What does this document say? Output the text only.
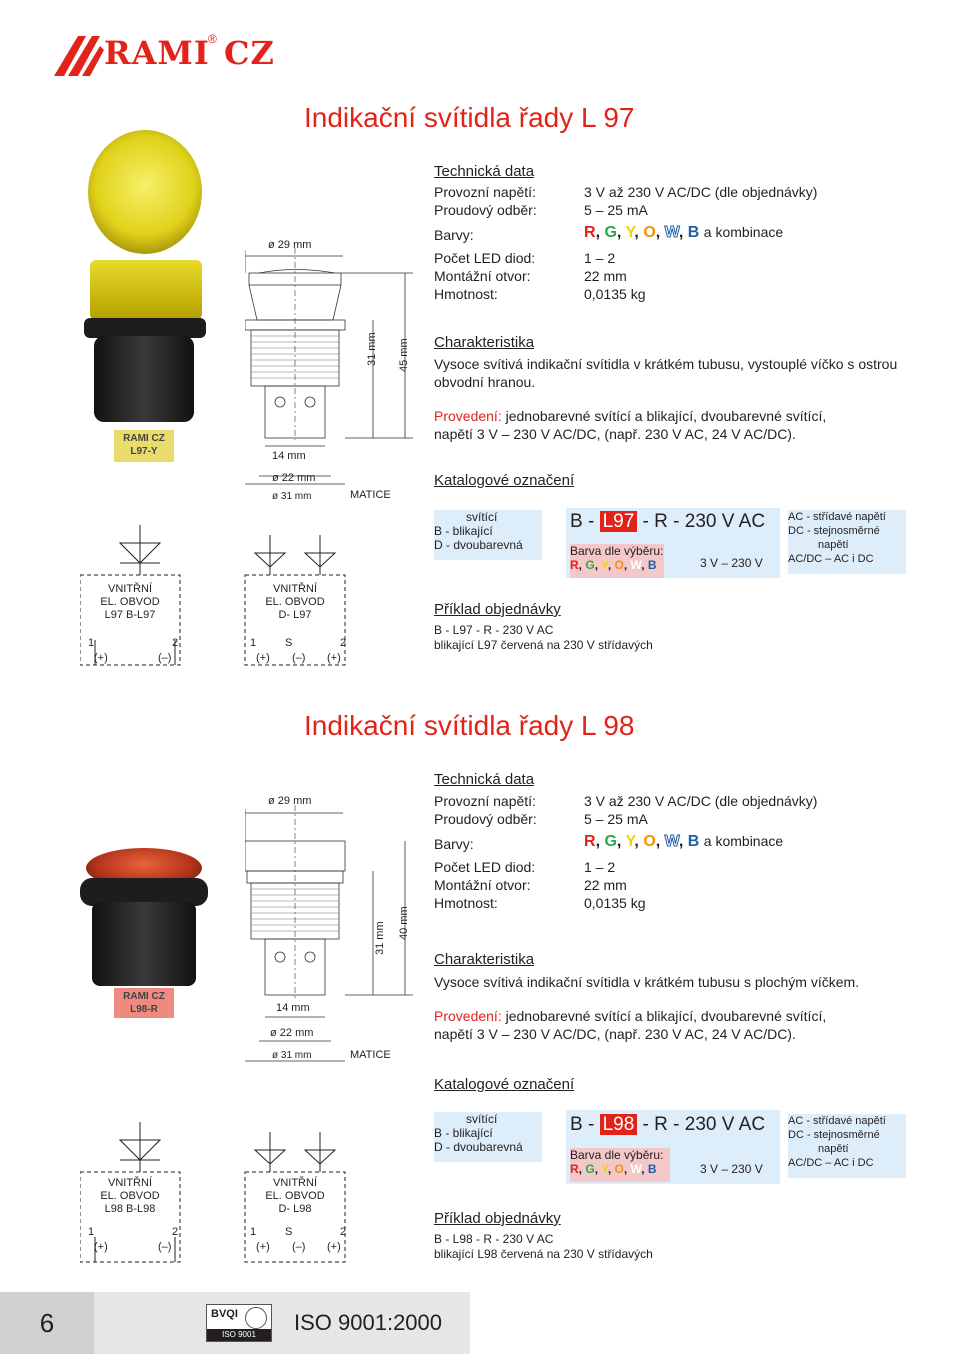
RAMI
® CZ
Indikační svítidla řady L 97
RAMI CZ
L97-Y
ø 29 mm
31 mm 45 mm
14 mm
ø 22 mm
ø 31 mm	MATICE
Technická data
Provozní napětí:	3 V až 230 V AC/DC (dle objednávky)
Proudový odběr:	5 – 25 mA
Barvy:	R, G, Y, O, W, B a kombinace
Počet LED diod:	1 – 2
Montážní otvor:	22 mm
Hmotnost:	0,0135 kg
Charakteristika
Vysoce svítivá indikační svítidla v krátkém tubusu, vystouplé víčko s ostrou obvodní hranou.
Provedení: jednobarevné svítící a blikající, dvoubarevné svítící,
napětí 3 V – 230 V AC/DC, (např. 230 V AC, 24 V AC/DC).
Katalogové označení
svítící
B - blikající
D - dvoubarevná
B - L97 - R - 230 V AC
Barva dle výběru:
R, G, Y, O, W, B	3 V – 230 V
AC - střídavé napětí
DC - stejnosměrné
napětí
AC/DC – AC i DC
Příklad objednávky
B - L97 - R - 230 V AC
blikající L97 červená na 230 V střídavých
VNITŘNÍ
EL. OBVOD
L97 B-L97
1	2
(+)	(–)
VNITŘNÍ
EL. OBVOD
D- L97
1	S	2
(+) (–) (+)
Indikační svítidla řady L 98
RAMI CZ
L98-R
ø 29 mm
31 mm 40 mm
14 mm
ø 22 mm
ø 31 mm	MATICE
Technická data
Provozní napětí:	3 V až 230 V AC/DC (dle objednávky)
Proudový odběr:	5 – 25 mA
Barvy:	R, G, Y, O, W, B a kombinace
Počet LED diod:	1 – 2
Montážní otvor:	22 mm
Hmotnost:	0,0135 kg
Charakteristika
Vysoce svítivá indikační svítidla v krátkém tubusu s plochým víčkem.
Provedení: jednobarevné svítící a blikající, dvoubarevné svítící,
napětí 3 V – 230 V AC/DC, (např. 230 V AC, 24 V AC/DC).
Katalogové označení
svítící
B - blikající
D - dvoubarevná
B - L98 - R - 230 V AC
Barva dle výběru:
R, G, Y, O, W, B	3 V – 230 V
AC - střídavé napětí
DC - stejnosměrné
napětí
AC/DC – AC i DC
Příklad objednávky
B - L98 - R - 230 V AC
blikající L98 červená na 230 V střídavých
VNITŘNÍ
EL. OBVOD
L98 B-L98
1	2
(+)	(–)
VNITŘNÍ
EL. OBVOD
D- L98
1	S	2
(+) (–) (+)
6	BVQI
ISO 9001	ISO 9001:2000
